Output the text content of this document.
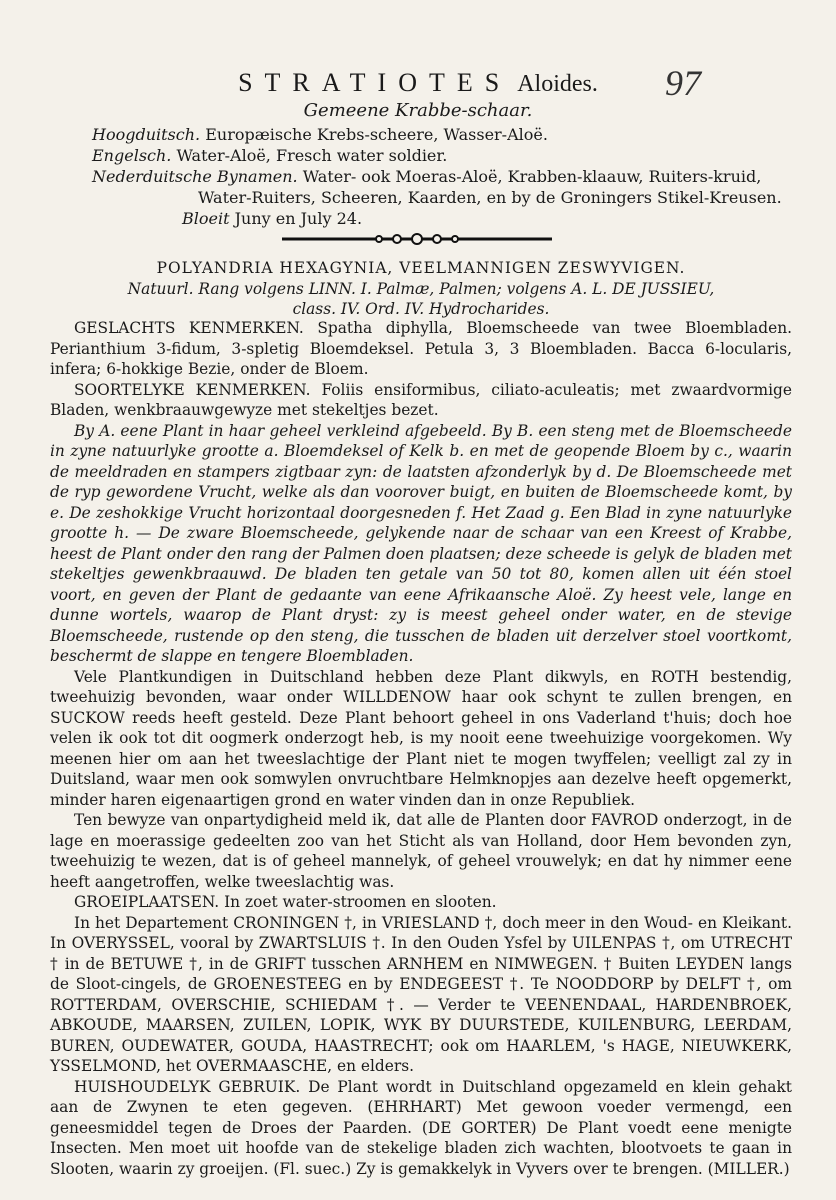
STRATIOTES Aloides.	97
Gemeene Krabbe-schaar.
Hoogduitsch. Europæische Krebs-scheere, Wasser-Aloë.
Engelsch. Water-Aloë, Fresch water soldier.
Nederduitsche Bynamen. Water- ook Moeras-Aloë, Krabben-klaauw, Ruiters-kruid,
Water-Ruiters, Scheeren, Kaarden, en by de Groningers Stikel-Kreusen.
Bloeit Juny en July 24.

POLYANDRIA HEXAGYNIA, VEELMANNIGEN ZESWYVIGEN.

Natuurl. Rang volgens LINN. I. Palmæ, Palmen; volgens A. L. DE JUSSIEU,

class. IV. Ord. IV. Hydrocharides.

GESLACHTS KENMERKEN. Spatha diphylla, Bloemscheede van twee Bloembladen. Perianthium 3-fidum, 3-spletig Bloemdeksel. Petula 3, 3 Bloembladen. Bacca 6-locularis, infera; 6-hokkige Bezie, onder de Bloem.

SOORTELYKE KENMERKEN. Foliis ensiformibus, ciliato-aculeatis; met zwaardvormige Bladen, wenkbraauwgewyze met stekeltjes bezet.

By A. eene Plant in haar geheel verkleind afgebeeld. By B. een steng met de Bloemscheede in zyne natuurlyke grootte a. Bloemdeksel of Kelk b. en met de geopende Bloem by c., waarin de meeldraden en stampers zigtbaar zyn: de laatsten afzonderlyk by d. De Bloemscheede met de ryp gewordene Vrucht, welke als dan voorover buigt, en buiten de Bloemscheede komt, by e. De zeshokkige Vrucht horizontaal doorgesneden f. Het Zaad g. Een Blad in zyne natuurlyke grootte h. — De zware Bloemscheede, gelykende naar de schaar van een Kreest of Krabbe, heest de Plant onder den rang der Palmen doen plaatsen; deze scheede is gelyk de bladen met stekeltjes gewenkbraauwd. De bladen ten getale van 50 tot 80, komen allen uit één stoel voort, en geven der Plant de gedaante van eene Afrikaansche Aloë. Zy heest vele, lange en dunne wortels, waarop de Plant dryst: zy is meest geheel onder water, en de stevige Bloemscheede, rustende op den steng, die tusschen de bladen uit derzelver stoel voortkomt, beschermt de slappe en tengere Bloembladen.

Vele Plantkundigen in Duitschland hebben deze Plant dikwyls, en ROTH bestendig, tweehuizig bevonden, waar onder WILLDENOW haar ook schynt te zullen brengen, en SUCKOW reeds heeft gesteld. Deze Plant behoort geheel in ons Vaderland t'huis; doch hoe velen ik ook tot dit oogmerk onderzogt heb, is my nooit eene tweehuizige voorgekomen. Wy meenen hier om aan het tweeslachtige der Plant niet te mogen twyffelen; veelligt zal zy in Duitsland, waar men ook somwylen onvruchtbare Helmknopjes aan dezelve heeft opgemerkt, minder haren eigenaartigen grond en water vinden dan in onze Republiek.

Ten bewyze van onpartydigheid meld ik, dat alle de Planten door FAVROD onderzogt, in de lage en moerassige gedeelten zoo van het Sticht als van Holland, door Hem bevonden zyn, tweehuizig te wezen, dat is of geheel mannelyk, of geheel vrouwelyk; en dat hy nimmer eene heeft aangetroffen, welke tweeslachtig was.

GROEIPLAATSEN. In zoet water-stroomen en slooten.

In het Departement CRONINGEN †, in VRIESLAND †, doch meer in den Woud- en Kleikant. In OVERYSSEL, vooral by ZWARTSLUIS †. In den Ouden Ysfel by UILENPAS †, om UTRECHT † in de BETUWE †, in de GRIFT tusschen ARNHEM en NIMWEGEN. † Buiten LEYDEN langs de Sloot-cingels, de GROENESTEEG en by ENDEGEEST †. Te NOODDORP by DELFT †, om ROTTERDAM, OVERSCHIE, SCHIEDAM †. — Verder te VEENENDAAL, HARDENBROEK, ABKOUDE, MAARSEN, ZUILEN, LOPIK, WYK BY DUURSTEDE, KUILENBURG, LEERDAM, BUREN, OUDEWATER, GOUDA, HAASTRECHT; ook om HAARLEM, 's HAGE, NIEUWKERK, YSSELMOND, het OVERMAASCHE, en elders.

HUISHOUDELYK GEBRUIK. De Plant wordt in Duitschland opgezameld en klein gehakt aan de Zwynen te eten gegeven. (EHRHART) Met gewoon voeder vermengd, een geneesmiddel tegen de Droes der Paarden. (DE GORTER) De Plant voedt eene menigte Insecten. Men moet uit hoofde van de stekelige bladen zich wachten, blootvoets te gaan in Slooten, waarin zy groeijen. (Fl. suec.) Zy is gemakkelyk in Vyvers over te brengen. (MILLER.)
